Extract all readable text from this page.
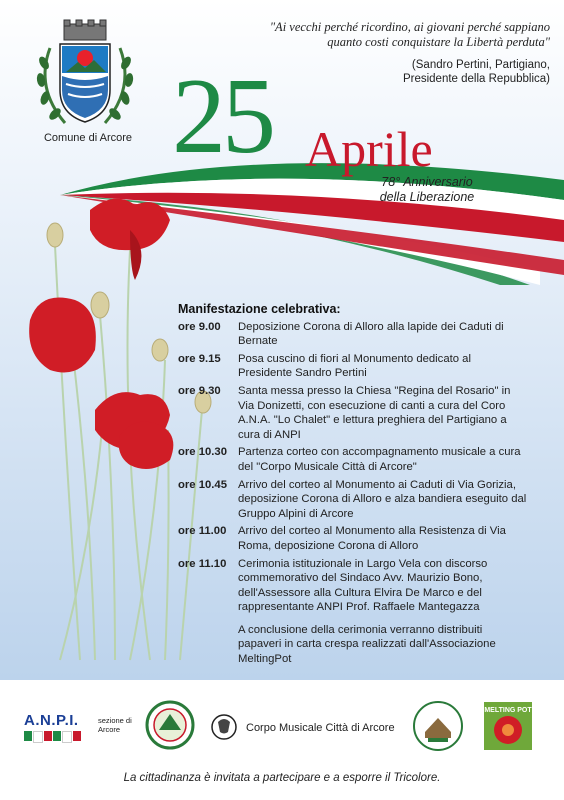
Comune di Arcore
"Ai vecchi perché ricordino, ai giovani perché sappiano
quanto costi conquistare la Libertà perduta"
(Sandro Pertini, Partigiano,
Presidente della Repubblica)
25 Aprile
78° Anniversario
della Liberazione
Manifestazione celebrativa:
ore 9.00	Deposizione Corona di Alloro alla lapide dei Caduti di Bernate
ore 9.15	Posa cuscino di fiori al Monumento dedicato al Presidente Sandro Pertini
ore 9.30	Santa messa presso la Chiesa "Regina del Rosario" in Via Donizetti, con esecuzione di canti a cura del Coro A.N.A. "Lo Chalet" e lettura preghiera del Partigiano a cura di ANPI
ore 10.30 Partenza corteo con accompagnamento musicale a cura del "Corpo Musicale Città di Arcore"
ore 10.45 Arrivo del corteo al Monumento ai Caduti di Via Gorizia, deposizione Corona di Alloro e alza bandiera eseguito dal Gruppo Alpini di Arcore
ore 11.00	Arrivo del corteo al Monumento alla Resistenza di Via Roma, deposizione Corona di Alloro
ore 11.10	Cerimonia istituzionale in Largo Vela con discorso commemorativo del Sindaco Avv. Maurizio Bono, dell'Assessore alla Cultura Elvira De Marco e del rappresentante ANPI Prof. Raffaele Mantegazza
A conclusione della cerimonia verranno distribuiti papaveri in carta crespa realizzati dall'Associazione MeltingPot
A.N.P.I.	sezione di
Arcore	Corpo Musicale Città di Arcore
MELTING POT
La cittadinanza è invitata a partecipare e a esporre il Tricolore.
